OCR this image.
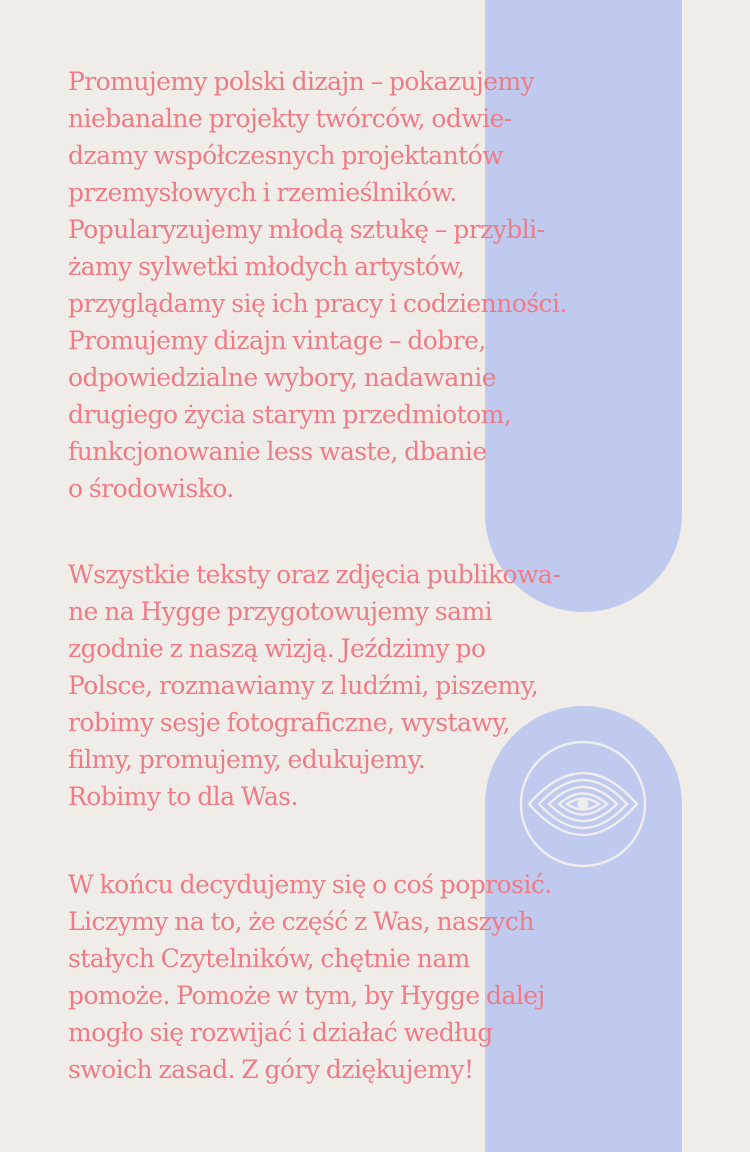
Promujemy polski dizajn – pokazujemy
niebanalne projekty twórców, odwie-
dzamy współczesnych projektantów
przemysłowych i rzemieślników.
Popularyzujemy młodą sztukę – przybli-
żamy sylwetki młodych artystów,
przyglądamy się ich pracy i codzienności.
Promujemy dizajn vintage – dobre,
odpowiedzialne wybory, nadawanie
drugiego życia starym przedmiotom,
funkcjonowanie less waste, dbanie
o środowisko.

Wszystkie teksty oraz zdjęcia publikowa-
ne na Hygge przygotowujemy sami
zgodnie z naszą wizją. Jeździmy po
Polsce, rozmawiamy z ludźmi, piszemy,
robimy sesje fotograficzne, wystawy,
filmy, promujemy, edukujemy.
Robimy to dla Was.

W końcu decydujemy się o coś poprosić.
Liczymy na to, że część z Was, naszych
stałych Czytelników, chętnie nam
pomoże. Pomoże w tym, by Hygge dalej
mogło się rozwijać i działać według
swoich zasad. Z góry dziękujemy!
